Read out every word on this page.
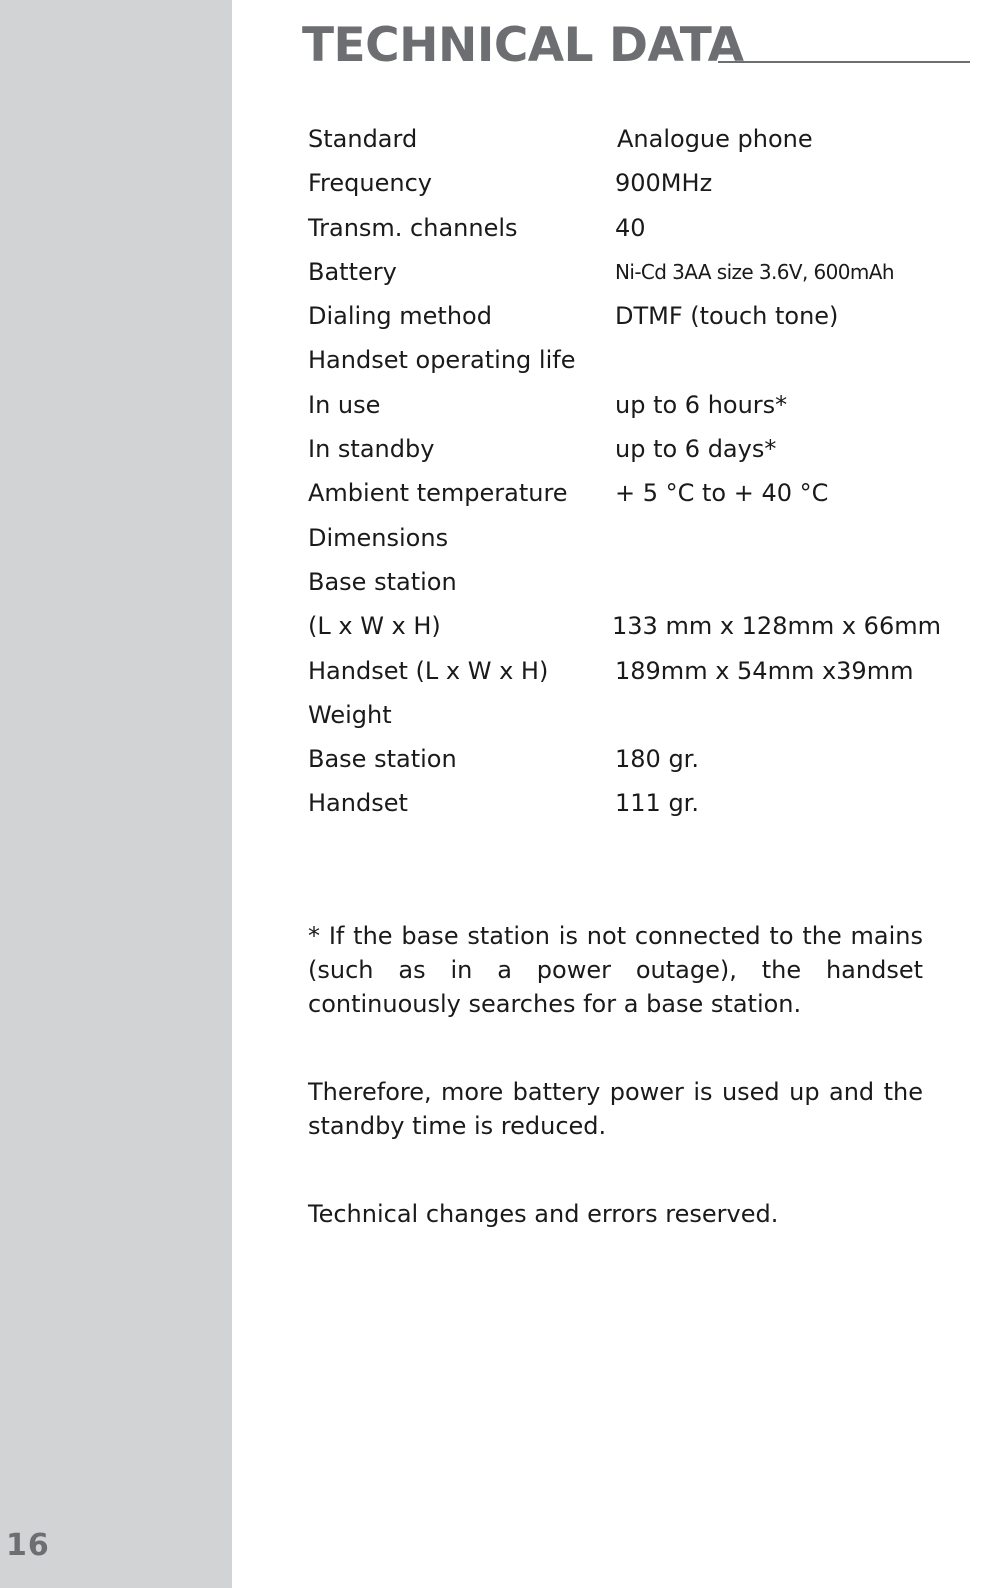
16
TECHNICAL DATA
Standard	Analogue phone
Frequency	900MHz
Transm. channels	40
Battery	Ni-Cd 3AA size 3.6V, 600mAh
Dialing method	DTMF (touch tone)
Handset operating life
In use	up to 6 hours*
In standby	up to 6 days*
Ambient temperature + 5 °C to + 40 °C
Dimensions
Base station
(L x W x H)	133 mm x 128mm x 66mm
Handset (L x W x H)	189mm x 54mm x39mm
Weight
Base station	180 gr.
Handset	111 gr.

* If the base station is not connected to the mains (such as in a power outage), the handset continuously searches for a base station.

Therefore, more battery power is used up and the standby time is reduced.

Technical changes and errors reserved.
